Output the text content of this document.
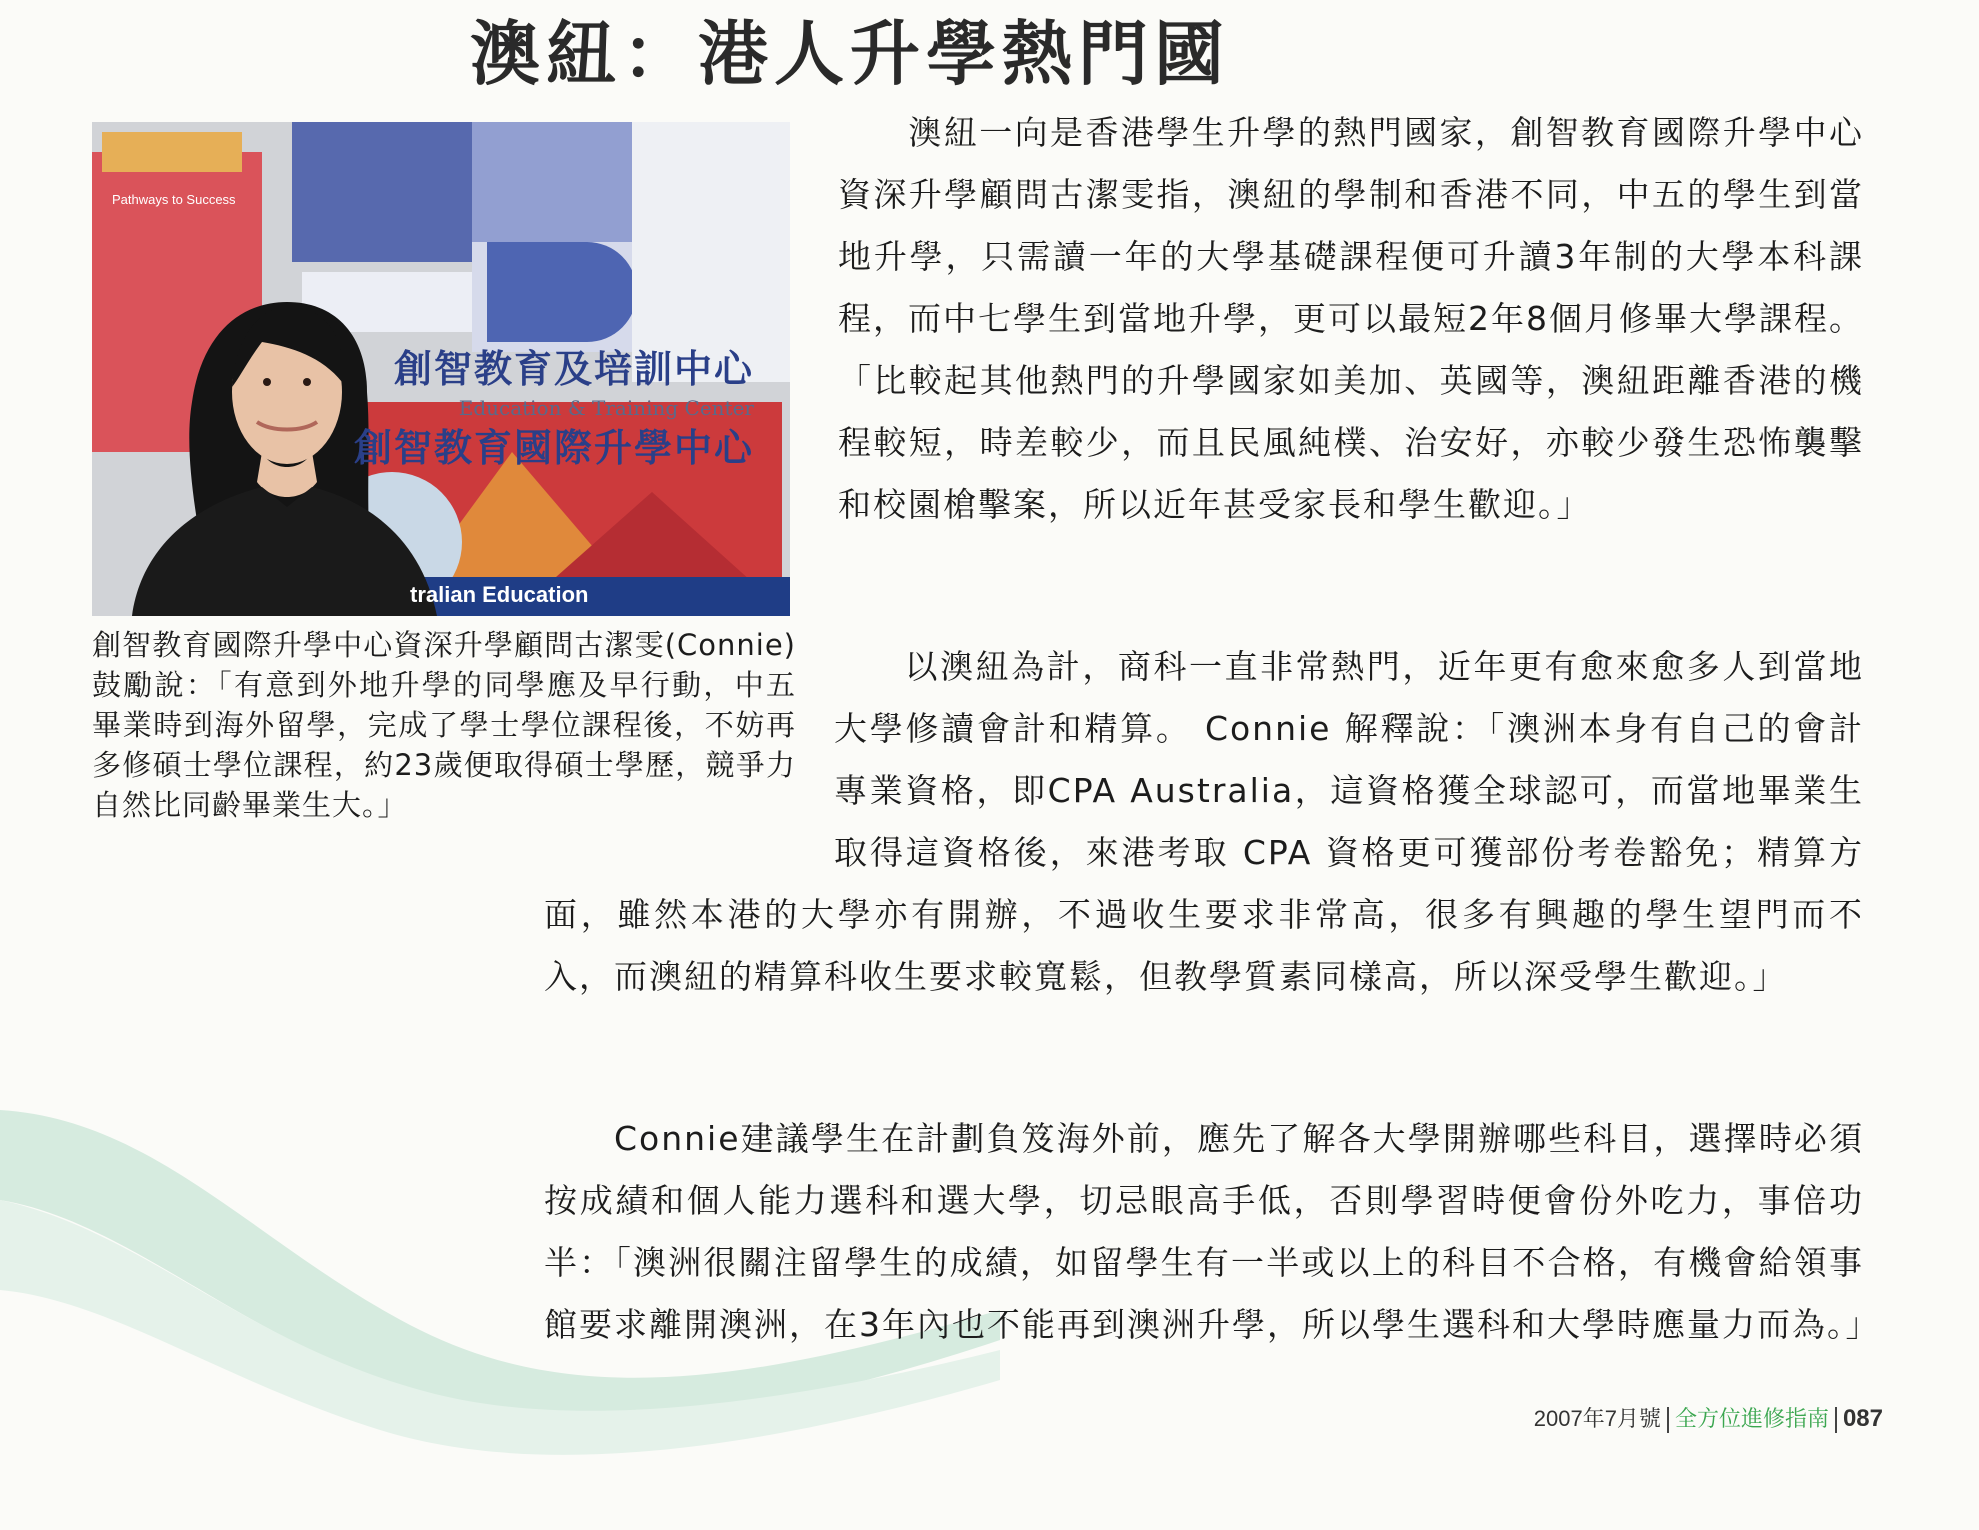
澳紐：港人升學熱門國
Pathways to Success
創智教育及培訓中心
Education & Training Center
創智教育國際升學中心
tralian Education
創智教育國際升學中心資深升學顧問古潔雯(Connie)鼓勵說：「有意到外地升學的同學應及早行動，中五畢業時到海外留學，完成了學士學位課程後，不妨再多修碩士學位課程，約23歲便取得碩士學歷，競爭力自然比同齡畢業生大。」
澳紐一向是香港學生升學的熱門國家，創智教育國際升學中心資深升學顧問古潔雯指，澳紐的學制和香港不同，中五的學生到當地升學，只需讀一年的大學基礎課程便可升讀3年制的大學本科課程，而中七學生到當地升學，更可以最短2年8個月修畢大學課程。「比較起其他熱門的升學國家如美加、英國等，澳紐距離香港的機程較短，時差較少，而且民風純樸、治安好，亦較少發生恐怖襲擊和校園槍擊案，所以近年甚受家長和學生歡迎。」
以澳紐為計，商科一直非常熱門，近年更有愈來愈多人到當地大學修讀會計和精算。 Connie 解釋說：「澳洲本身有自己的會計專業資格，即CPA Australia，這資格獲全球認可，而當地畢業生取得這資格後，來港考取 CPA 資格更可獲部份考卷豁免；精算方面，雖然本港的大學亦有開辦，不過收生要求非常高，很多有興趣的學生望門而不入，而澳紐的精算科收生要求較寬鬆，但教學質素同樣高，所以深受學生歡迎。」
Connie建議學生在計劃負笈海外前，應先了解各大學開辦哪些科目，選擇時必須按成績和個人能力選科和選大學，切忌眼高手低，否則學習時便會份外吃力，事倍功半：「澳洲很關注留學生的成績，如留學生有一半或以上的科目不合格，有機會給領事館要求離開澳洲，在3年內也不能再到澳洲升學，所以學生選科和大學時應量力而為。」
2007年7月號 全方位進修指南 087
